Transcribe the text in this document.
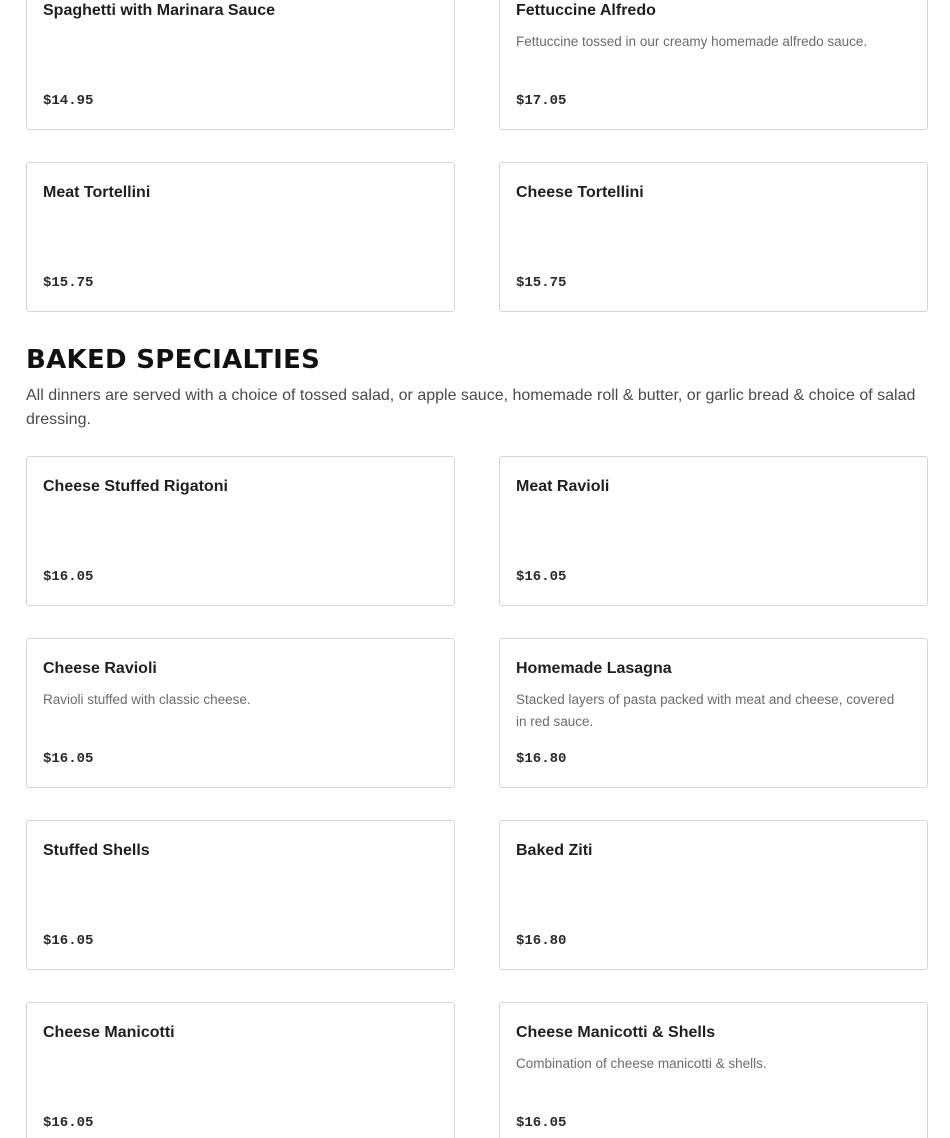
Spaghetti with Marinara Sauce
$14.95
Fettuccine Alfredo
Fettuccine tossed in our creamy homemade alfredo sauce.
$17.05
Meat Tortellini
$15.75
Cheese Tortellini
$15.75
BAKED SPECIALTIES

All dinners are served with a choice of tossed salad, or apple sauce, homemade roll & butter, or garlic bread & choice of salad dressing.

Cheese Stuffed Rigatoni
$16.05
Meat Ravioli
$16.05
Cheese Ravioli
Ravioli stuffed with classic cheese.
$16.05
Homemade Lasagna
Stacked layers of pasta packed with meat and cheese, covered in red sauce.
$16.80
Stuffed Shells
$16.05
Baked Ziti
$16.80
Cheese Manicotti
$16.05
Cheese Manicotti & Shells
Combination of cheese manicotti & shells.
$16.05
